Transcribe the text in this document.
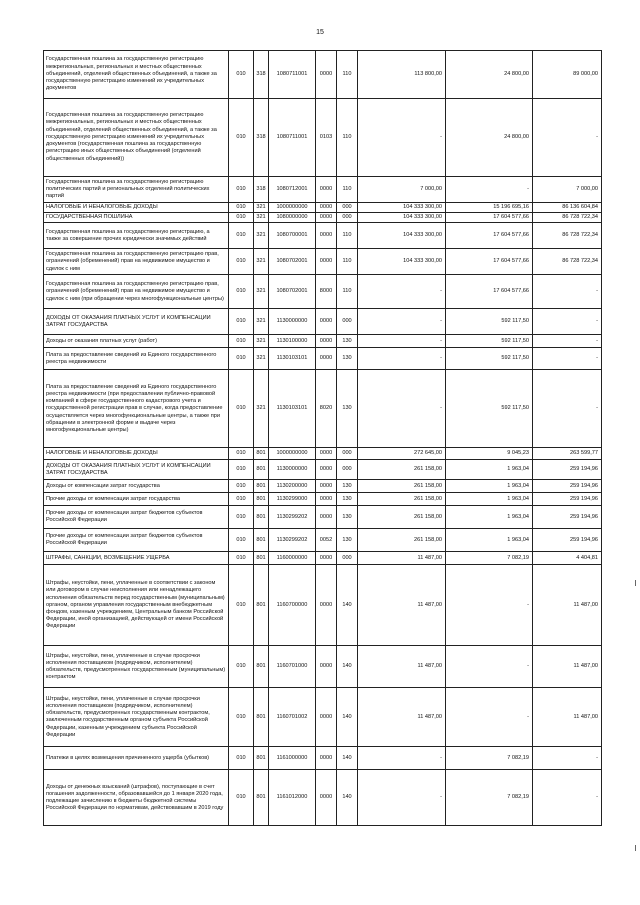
15
Государственная пошлина за государственную регистрацию межрегиональных, региональных и местных общественных объединений, отделений общественных объединений, а также за государственную регистрацию изменений их учредительных документов	010	318	1080711001	0000	110	113 800,00	24 800,00	89 000,00
Государственная пошлина за государственную регистрацию межрегиональных, региональных и местных общественных объединений, отделений общественных объединений, а также за государственную регистрацию изменений их учредительных документов (государственная пошлина за государственную регистрацию иных общественных объединений (отделений общественных объединений))	010	318	1080711001	0103	110	-	24 800,00	-
Государственная пошлина за государственную регистрацию политических партий и региональных отделений политических партий	010	318	1080712001	0000	110	7 000,00	-	7 000,00
НАЛОГОВЫЕ И НЕНАЛОГОВЫЕ ДОХОДЫ	010	321	1000000000	0000	000	104 333 300,00	15 196 695,16	86 136 604,84
ГОСУДАРСТВЕННАЯ ПОШЛИНА	010	321	1080000000	0000	000	104 333 300,00	17 604 577,66	86 728 722,34
Государственная пошлина за государственную регистрацию, а также за совершение прочих юридически значимых действий	010	321	1080700001	0000	110	104 333 300,00	17 604 577,66	86 728 722,34
Государственная пошлина за государственную регистрацию прав, ограничений (обременений) прав на недвижимое имущество и сделок с ним	010	321	1080702001	0000	110	104 333 300,00	17 604 577,66	86 728 722,34
Государственная пошлина за государственную регистрацию прав, ограничений (обременений) прав на недвижимое имущество и сделок с ним (при обращении через многофункциональные центры)	010	321	1080702001	8000	110	-	17 604 577,66	-
ДОХОДЫ ОТ ОКАЗАНИЯ ПЛАТНЫХ УСЛУГ И КОМПЕНСАЦИИ ЗАТРАТ ГОСУДАРСТВА	010	321	1130000000	0000	000	-	592 117,50	-
Доходы от оказания платных услуг (работ)	010	321	1130100000	0000	130	-	592 117,50	-
Плата за предоставление сведений из Единого государственного реестра недвижимости	010	321	1130103101	0000	130	-	592 117,50	-
Плата за предоставление сведений из Единого государственного реестра недвижимости (при предоставлении публично-правовой компанией в сфере государственного кадастрового учета и государственной регистрации прав в случае, когда предоставление осуществляется через многофункциональные центры, а также при обращении в электронной форме и выдаче через многофункциональные центры)	010	321	1130103101	8020	130	-	592 117,50	-
НАЛОГОВЫЕ И НЕНАЛОГОВЫЕ ДОХОДЫ	010	801	1000000000	0000	000	272 645,00	9 045,23	263 599,77
ДОХОДЫ ОТ ОКАЗАНИЯ ПЛАТНЫХ УСЛУГ И КОМПЕНСАЦИИ ЗАТРАТ ГОСУДАРСТВА	010	801	1130000000	0000	000	261 158,00	1 963,04	259 194,96
Доходы от компенсации затрат государства	010	801	1130200000	0000	130	261 158,00	1 963,04	259 194,96
Прочие доходы от компенсации затрат государства	010	801	1130299000	0000	130	261 158,00	1 963,04	259 194,96
Прочие доходы от компенсации затрат бюджетов субъектов Российской Федерации	010	801	1130299202	0000	130	261 158,00	1 963,04	259 194,96
Прочие доходы от компенсации затрат бюджетов субъектов Российской Федерации	010	801	1130299202	0052	130	261 158,00	1 963,04	259 194,96
ШТРАФЫ, САНКЦИИ, ВОЗМЕЩЕНИЕ УЩЕРБА	010	801	1160000000	0000	000	11 487,00	7 082,19	4 404,81
Штрафы, неустойки, пени, уплаченные в соответствии с законом или договором в случае неисполнения или ненадлежащего исполнения обязательств перед государственным (муниципальным) органом, органом управления государственным внебюджетным фондом, казенным учреждением, Центральным банком Российской Федерации, иной организацией, действующей от имени Российской Федерации	010	801	1160700000	0000	140	11 487,00	-	11 487,00
Штрафы, неустойки, пени, уплаченные в случае просрочки исполнения поставщиком (подрядчиком, исполнителем) обязательств, предусмотренных государственным (муниципальным) контрактом	010	801	1160701000	0000	140	11 487,00	-	11 487,00
Штрафы, неустойки, пени, уплаченные в случае просрочки исполнения поставщиком (подрядчиком, исполнителем) обязательств, предусмотренных государственным контрактом, заключенным государственным органом субъекта Российской Федерации, казенным учреждением субъекта Российской Федерации	010	801	1160701002	0000	140	11 487,00	-	11 487,00
Платежи в целях возмещения причиненного ущерба (убытков)	010	801	1161000000	0000	140	-	7 082,19	-
Доходы от денежных взысканий (штрафов), поступающие в счет погашения задолженности, образовавшейся до 1 января 2020 года, подлежащие зачислению в бюджеты бюджетной системы Российской Федерации по нормативам, действовавшим в 2019 году	010	801	1161012000	0000	140	-	7 082,19	-
